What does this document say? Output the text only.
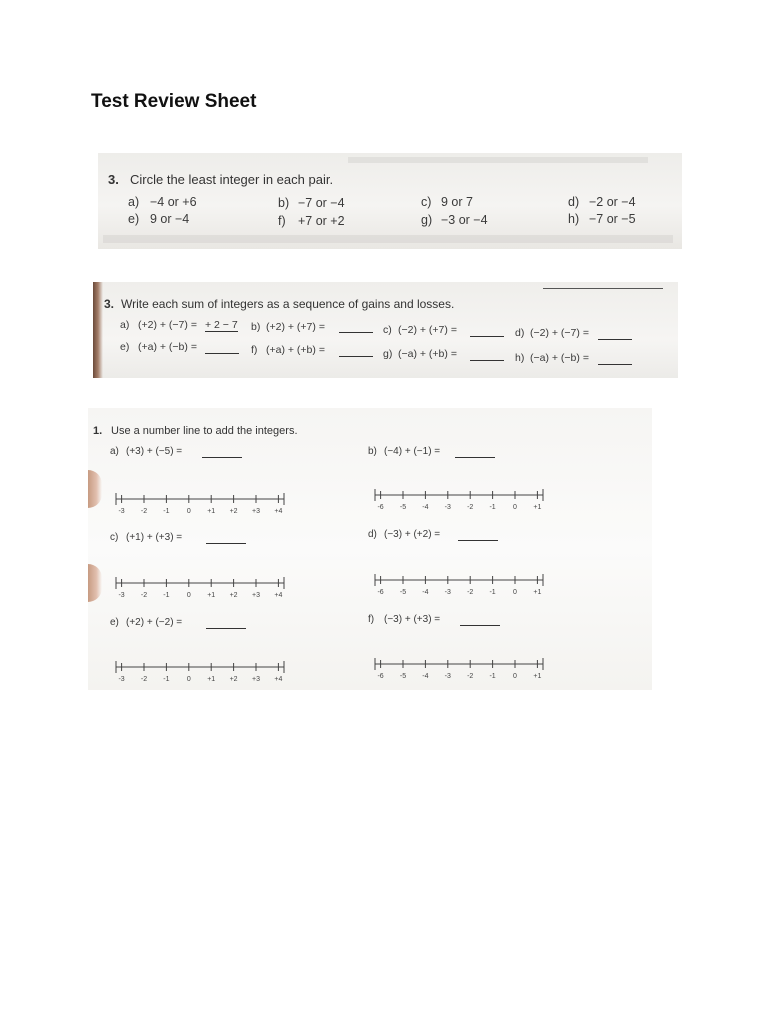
Test Review Sheet
3. Circle the least integer in each pair.
a) −4 or +6	b) −7 or −4	c) 9 or 7	d) −2 or −4
e) 9 or −4	f) +7 or +2	g) −3 or −4	h) −7 or −5
3. Write each sum of integers as a sequence of gains and losses.
a) (+2) + (−7) = + 2 − 7 b) (+2) + (+7) =	c) (−2) + (+7) =	d) (−2) + (−7) =
e) (+a) + (−b) =	f) (+a) + (+b) =	g) (−a) + (+b) =	h) (−a) + (−b) =
1. Use a number line to add the integers.
a) (+3) + (−5) =	b) (−4) + (−1) =
-3 -2 -1 0 +1 +2 +3 +4
-6 -5 -4 -3 -2 -1 0 +1
c) (+1) + (+3) =	d) (−3) + (+2) =
-3 -2 -1 0 +1 +2 +3 +4	-6 -5 -4 -3 -2 -1 0 +1
e) (+2) + (−2) =	f) (−3) + (+3) =
-3 -2 -1 0 +1 +2 +3 +4	-6 -5 -4 -3 -2 -1 0 +1
